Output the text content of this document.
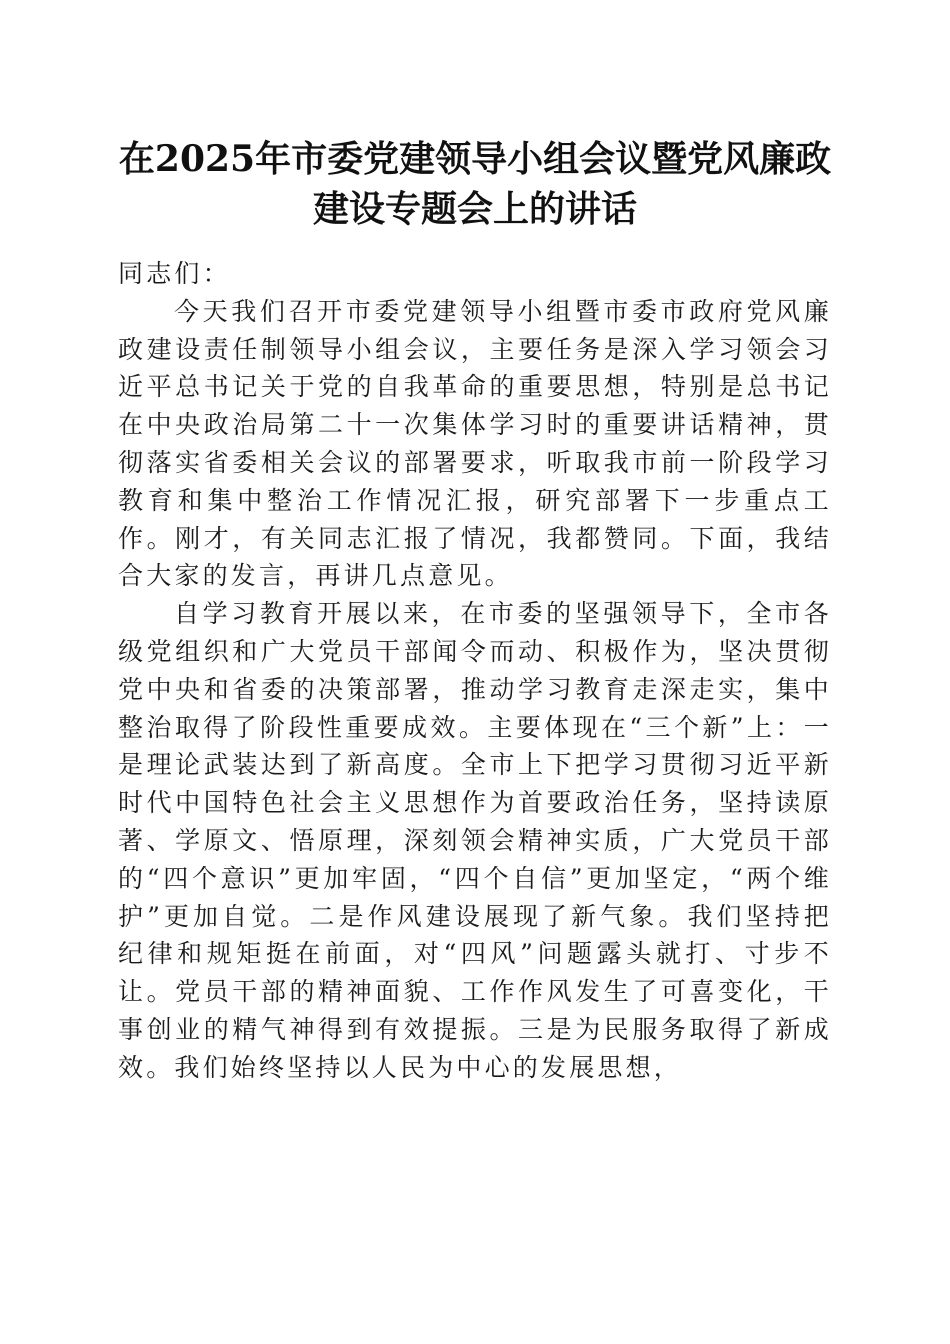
在2025年市委党建领导小组会议暨党风廉政
建设专题会上的讲话

同志们：

今天我们召开市委党建领导小组暨市委市政府党风廉政建设责任制领导小组会议，主要任务是深入学习领会习近平总书记关于党的自我革命的重要思想，特别是总书记在中央政治局第二十一次集体学习时的重要讲话精神，贯彻落实省委相关会议的部署要求，听取我市前一阶段学习教育和集中整治工作情况汇报，研究部署下一步重点工作。刚才，有关同志汇报了情况，我都赞同。下面，我结合大家的发言，再讲几点意见。

自学习教育开展以来，在市委的坚强领导下，全市各级党组织和广大党员干部闻令而动、积极作为，坚决贯彻党中央和省委的决策部署，推动学习教育走深走实，集中整治取得了阶段性重要成效。主要体现在“三个新”上：一是理论武装达到了新高度。全市上下把学习贯彻习近平新时代中国特色社会主义思想作为首要政治任务，坚持读原著、学原文、悟原理，深刻领会精神实质，广大党员干部的“四个意识”更加牢固，“四个自信”更加坚定，“两个维护”更加自觉。二是作风建设展现了新气象。我们坚持把纪律和规矩挺在前面，对“四风”问题露头就打、寸步不让。党员干部的精神面貌、工作作风发生了可喜变化，干事创业的精气神得到有效提振。三是为民服务取得了新成效。我们始终坚持以人民为中心的发展思想，
